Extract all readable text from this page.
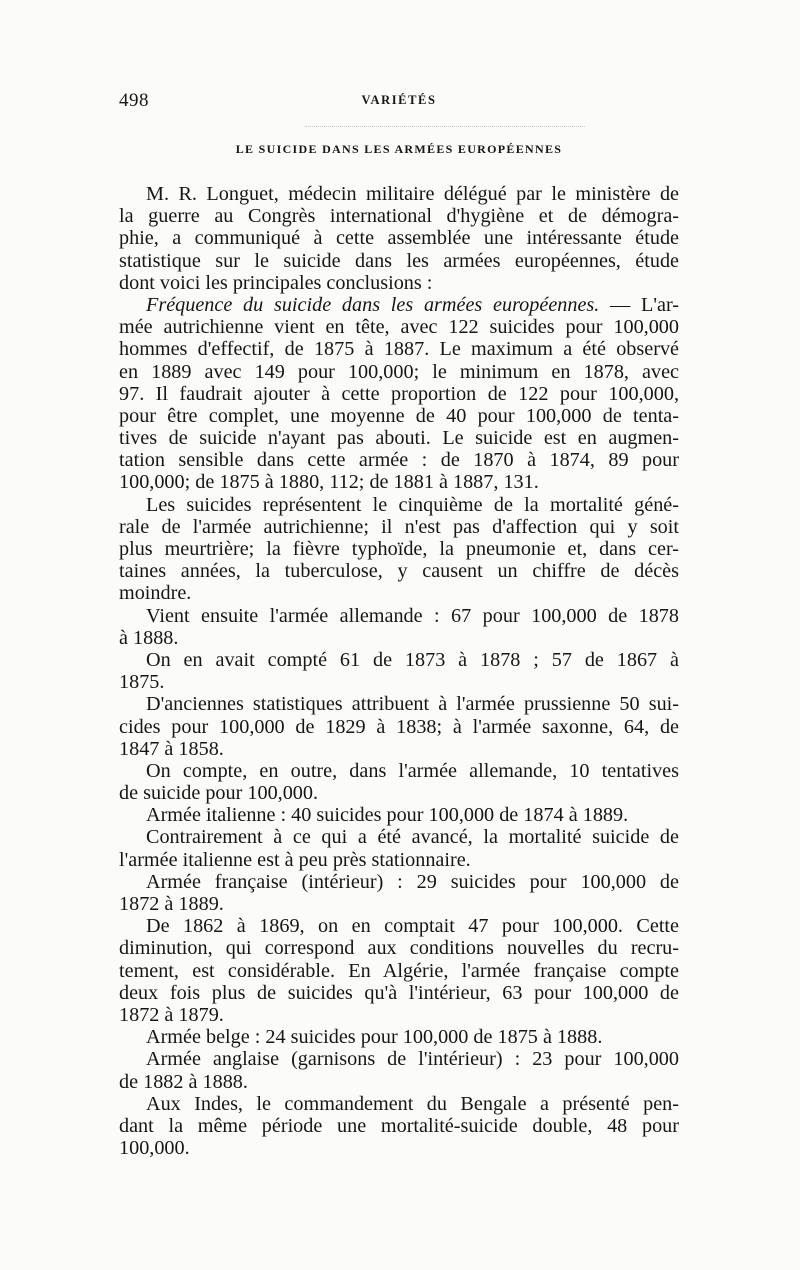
498	VARIÉTÉS
LE SUICIDE DANS LES ARMÉES EUROPÉENNES
M. R. Longuet, médecin militaire délégué par le ministère de
la guerre au Congrès international d'hygiène et de démogra-
phie, a communiqué à cette assemblée une intéressante étude
statistique sur le suicide dans les armées européennes, étude
dont voici les principales conclusions :
Fréquence du suicide dans les armées européennes. — L'ar-
mée autrichienne vient en tête, avec 122 suicides pour 100,000
hommes d'effectif, de 1875 à 1887. Le maximum a été observé
en 1889 avec 149 pour 100,000; le minimum en 1878, avec
97. Il faudrait ajouter à cette proportion de 122 pour 100,000,
pour être complet, une moyenne de 40 pour 100,000 de tenta-
tives de suicide n'ayant pas abouti. Le suicide est en augmen-
tation sensible dans cette armée : de 1870 à 1874, 89 pour
100,000; de 1875 à 1880, 112; de 1881 à 1887, 131.
Les suicides représentent le cinquième de la mortalité géné-
rale de l'armée autrichienne; il n'est pas d'affection qui y soit
plus meurtrière; la fièvre typhoïde, la pneumonie et, dans cer-
taines années, la tuberculose, y causent un chiffre de décès
moindre.
Vient ensuite l'armée allemande : 67 pour 100,000 de 1878
à 1888.
On en avait compté 61 de 1873 à 1878 ; 57 de 1867 à
1875.
D'anciennes statistiques attribuent à l'armée prussienne 50 sui-
cides pour 100,000 de 1829 à 1838; à l'armée saxonne, 64, de
1847 à 1858.
On compte, en outre, dans l'armée allemande, 10 tentatives
de suicide pour 100,000.
Armée italienne : 40 suicides pour 100,000 de 1874 à 1889.
Contrairement à ce qui a été avancé, la mortalité suicide de
l'armée italienne est à peu près stationnaire.
Armée française (intérieur) : 29 suicides pour 100,000 de
1872 à 1889.
De 1862 à 1869, on en comptait 47 pour 100,000. Cette
diminution, qui correspond aux conditions nouvelles du recru-
tement, est considérable. En Algérie, l'armée française compte
deux fois plus de suicides qu'à l'intérieur, 63 pour 100,000 de
1872 à 1879.
Armée belge : 24 suicides pour 100,000 de 1875 à 1888.
Armée anglaise (garnisons de l'intérieur) : 23 pour 100,000
de 1882 à 1888.
Aux Indes, le commandement du Bengale a présenté pen-
dant la même période une mortalité-suicide double, 48 pour
100,000.
